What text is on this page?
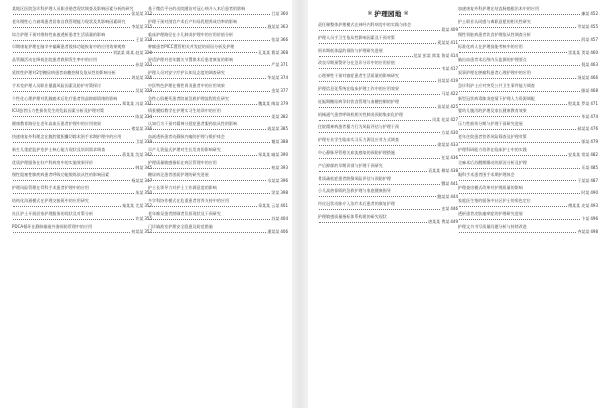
某地区医院急诊科护理人员职业倦怠现状调查及影响因素分析的研究
张某某 312
老年慢性心力衰竭患者居家自我管理能力现状及其影响因素研究
李某某 315
综合护理干预对维持性血液透析患者生活质量的影响
王某 318
早期康复护理在脑卒中偏瘫患者肢体功能恢复中的应用效果观察
刘某某 陈某 赵某 320
品管圈活动在降低住院患者跌倒发生率中的应用
孙某 323
延续性护理对2型糖尿病患者血糖控制及依从性的影响分析
周某某 326
手术室护理人员职业暴露风险因素及防护对策探讨
吴某 329
个性化心理护理对乳腺癌术后化疗患者焦虑抑郁情绪的影响
郑某某 冯某 331
ICU患者压力性损伤发生的危险因素分析及护理对策
陈某 334
健康教育路径在老年高血压患者护理中的应用效果
褚某某 336
快速康复外科理念在腹腔镜胆囊切除术围手术期护理中的应用
卫某 339
新生儿重症监护室护士核心能力现状及培训需求调查
蒋某某 沈某 342
优质护理服务在妇产科病房中的实施效果评价
韩某 345
慢性阻塞性肺疾病患者呼吸功能锻炼依从性的影响因素
杨某某 347
护理风险管理在骨科手术患者护理中的应用
朱某 350
结构化沟通模式在护理交接班中的应用研究
秦某某 尤某 352
社区护士开展居家护理服务的现状及对策分析
许某 355
PDCA循环在静脉输液外渗预防管理中的应用
何某某 357
基于微信平台的出院随访对冠心病介入术后患者的影响
吕某 360
护理干预对剖宫产术后产妇母乳喂养成功率的影响
施某某 363
临床护理路径在小儿肺炎护理中的应用价值分析
张某 366
肿瘤患者PICC置管相关并发症的原因分析及护理
孔某某 曹某 368
舒适护理对老年髋关节置换术后患者康复的影响
严某 371
护理人员对安宁疗护认知及态度的调查研究
华某某 374
中医特色护理在慢性胃炎患者中的应用效果
金某 377
急性心肌梗死患者院前急救护理流程优化研究
魏某某 陶某 379
情景模拟教学在护理实习生培训中的应用
姜某 382
认知行为干预对精神分裂症患者服药依从性的影响
戚某某 385
血液透析患者动静脉内瘘的护理与维护体会
谢某 388
早产儿袋鼠式护理对生长发育的影响研究
邹某某 喻某 390
护理质量敏感指标在病区管理中的应用
柏某 393
糖尿病足患者创面护理的研究进展
水某某 396
护士长领导力对护士工作满意度的影响
窦某 398
多学科协作模式在危重患者营养支持中的应用
章某某 云某 401
老年痴呆患者照顾者负担现状及干预研究
苏某 404
门诊输液室护理安全隐患及防范措施
潘某某 406
※ 护理园地 ※
责任制整体护理模式在神经内科病房中的实践与体会
葛某 409
护理人员手卫生依从性影响因素及干预对策
奚某某 411
围术期低体温的预防与护理研究进展
范某 彭某 郎某 鲁某 414
改良早期预警评分在急诊分诊中的应用价值
韦某 417
心理弹性干预对癌症患者生活质量的影响研究
昌某某 419
护理信息化系统在临床护理工作中的应用效果
马某 422
妊娠期糖尿病孕妇饮食管理与血糖控制的护理
苗某某 425
机械通气患者呼吸机相关性肺炎预防集束化护理
凤某 花某 427
住院精神病患者暴力行为风险评估与护理干预
方某 430
护理专业学生临床实习压力源及应对方式调查
俞某某 433
中心静脉导管相关血流感染的预防护理措施
任某 436
产后抑郁的早期识别与护理干预研究
袁某某 柳某 438
骨质疏松症患者跌倒风险评估与预防护理
酆某 441
小儿高热惊厥的急救护理与家庭健康指导
鲍某某 444
经皮冠状动脉介入治疗术后患者的康复护理
史某 446
护理敏感质量指标体系构建的研究现状
唐某某 费某 449
加速康复外科护理在结直肠癌根治术中的应用
廉某 452
护士职业认同感与离职意愿的相关性研究
岑某某 455
慢性肾脏病患者饮食护理依从性调查分析
薛某 457
标准化病人在护理技能考核中的应用
雷某某 贺某 460
脑出血患者术后颅内压监测的护理要点
倪某 463
叙事护理在肿瘤科患者心理护理中的应用
汤某某 466
急诊科护士应对突发公共卫生事件能力调查
滕某 468
新型冠状病毒肺炎疫情下护理人力资源调配
殷某某 罗某 471
婴幼儿腹泻的护理及家长健康教育效果
毕某 474
压力性损伤分期与护理干预研究进展
郝某某 476
老年住院患者营养风险筛查及护理对策
邬某 479
护理科研能力培养在临床护士中的实践
安某某 常某 482
全麻术后苏醒期躁动的原因分析及护理
乐某 485
眼科手术患者围手术期护理体会
于某某 487
护理查房模式改革对护理质量的影响
时某 490
家庭医生签约服务中社区护士的角色定位
傅某某 皮某 493
透析患者皮肤瘙痒症的护理研究进展
卞某 496
护理文书书写质量问题分析与持续改进
齐某某 498
